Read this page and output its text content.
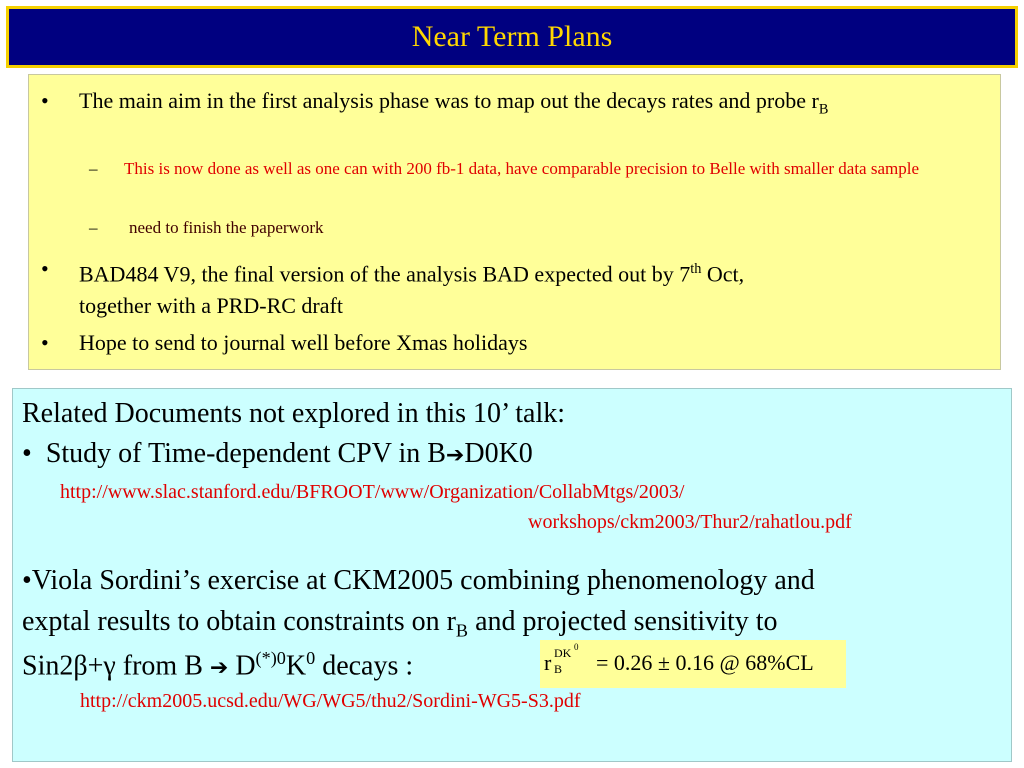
Near Term Plans
• The main aim in the first analysis phase was to map out the decays rates and probe $r_B$
– This is now done as well as one can with 200 fb-1 data, have comparable precision to Belle with smaller data sample
– need to finish the paperwork
• BAD484 V9, the final version of the analysis BAD expected out by 7th Oct,
together with a PRD-RC draft
• Hope to send to journal well before Xmas holidays
Related Documents not explored in this 10’ talk:
• Study of Time-dependent CPV in B➔D0K0
http://www.slac.stanford.edu/BFROOT/www/Organization/CollabMtgs/2003/
workshops/ckm2003/Thur2/rahatlou.pdf
•Viola Sordini’s exercise at CKM2005 combining phenomenology and
exptal results to obtain constraints on $r_B$ and projected sensitivity to
Sin2β+γ from B ➔ $D^{(*)0}K^0$ decays :	r B
DK 0
= 0.26 ± 0.16 @ 68%CL
http://ckm2005.ucsd.edu/WG/WG5/thu2/Sordini-WG5-S3.pdf
